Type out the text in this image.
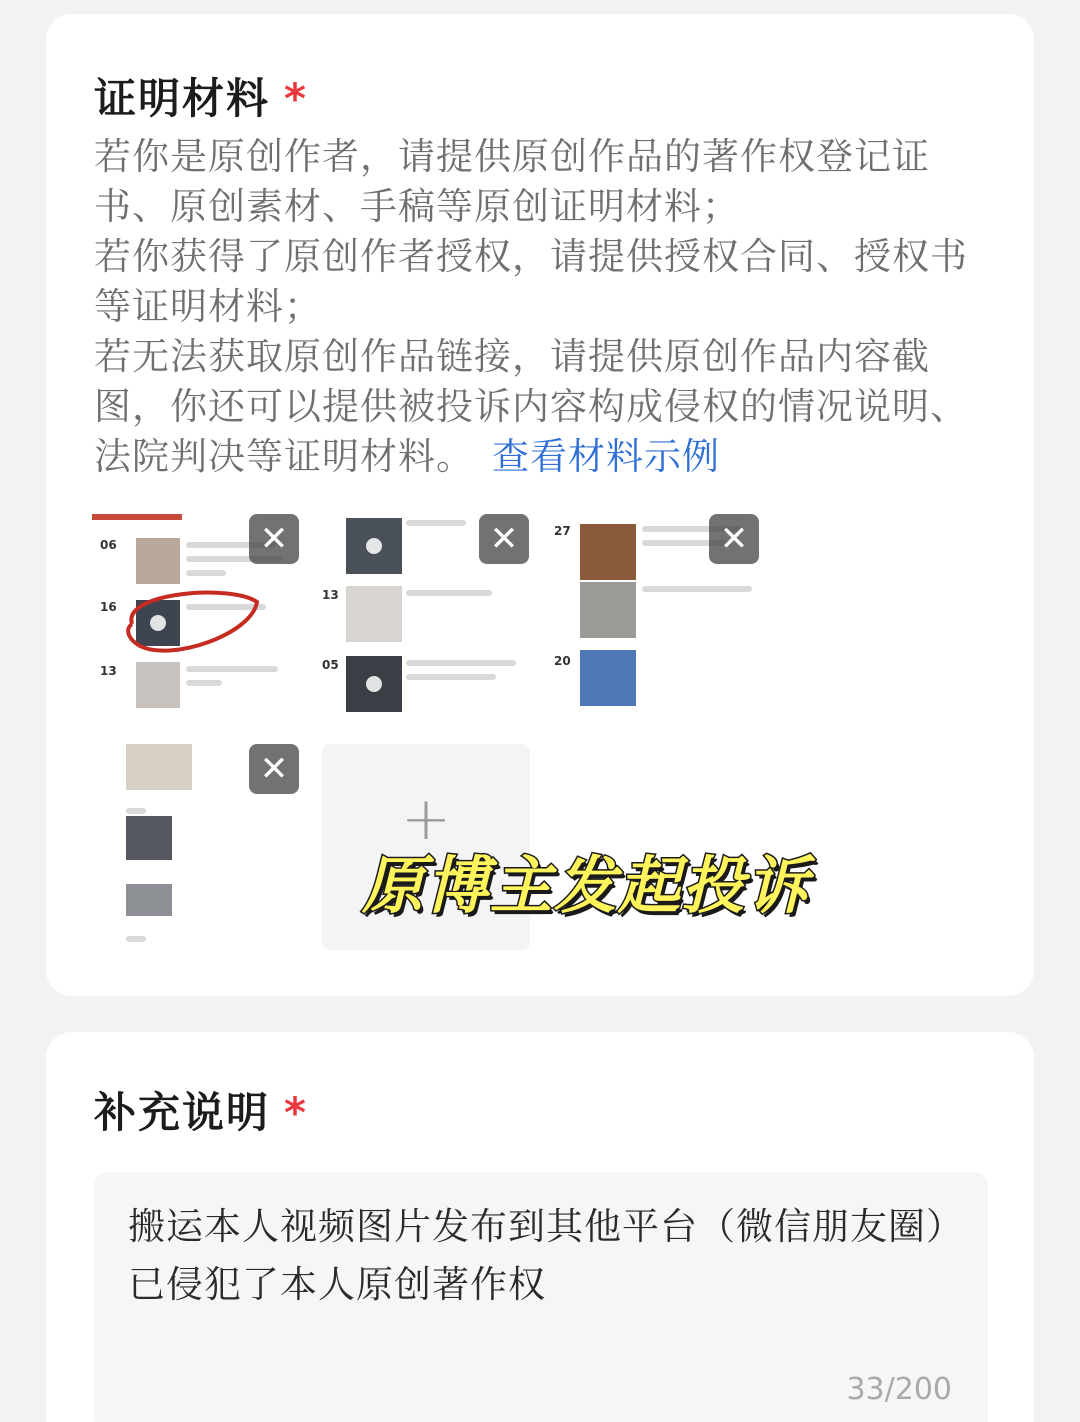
证明材料 *

若你是原创作者，请提供原创作品的著作权登记证书、原创素材、手稿等原创证明材料；

若你获得了原创作者授权，请提供授权合同、授权书等证明材料；

若无法获取原创作品链接，请提供原创作品内容截图，你还可以提供被投诉内容构成侵权的情况说明、法院判决等证明材料。 查看材料示例

06
16
13
✕
13
05
✕	27
20
✕
✕
+
原博主发起投诉
补充说明 *
搬运本人视频图片发布到其他平台（微信朋友圈）已侵犯了本人原创著作权
33/200
